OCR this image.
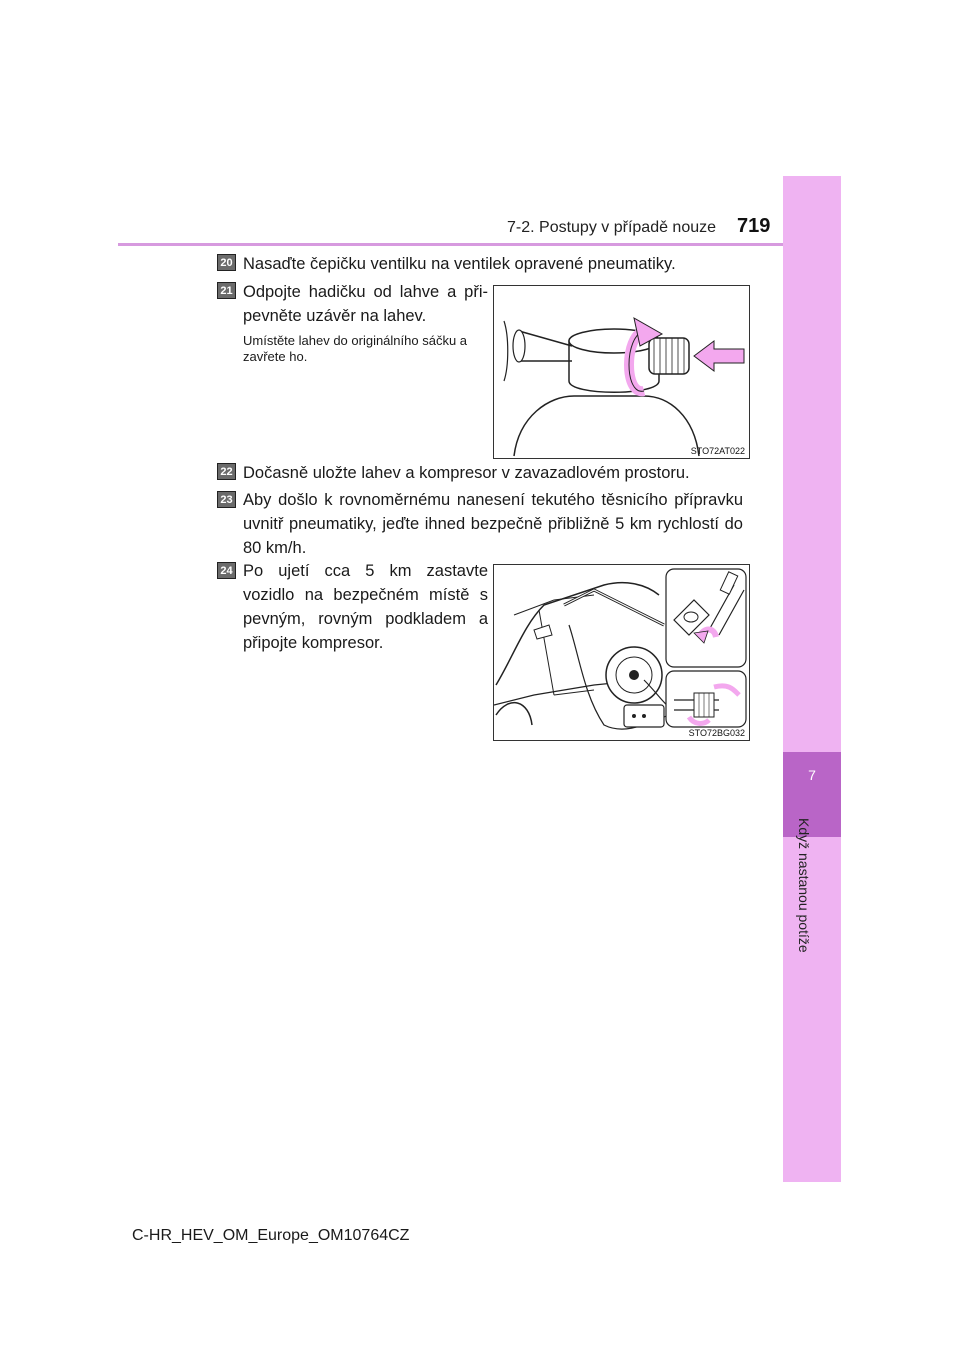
7
Když nastanou potíže
7-2. Postupy v případě nouze 719
20 Nasaďte čepičku ventilku na ventilek opravené pneumatiky.
21 Odpojte hadičku od lahve a při-pevněte uzávěr na lahev.
Umístěte lahev do originálního sáčku a zavřete ho.
STO72AT022
22 Dočasně uložte lahev a kompresor v zavazadlovém prostoru.
23 Aby došlo k rovnoměrnému nanesení tekutého těsnicího přípravku uvnitř pneumatiky, jeďte ihned bezpečně přibližně 5 km rychlostí do 80 km/h.
24 Po ujetí cca 5 km zastavte vozidlo na bezpečném místě s pevným, rovným podkladem a připojte kompresor.
STO72BG032
C-HR_HEV_OM_Europe_OM10764CZ
